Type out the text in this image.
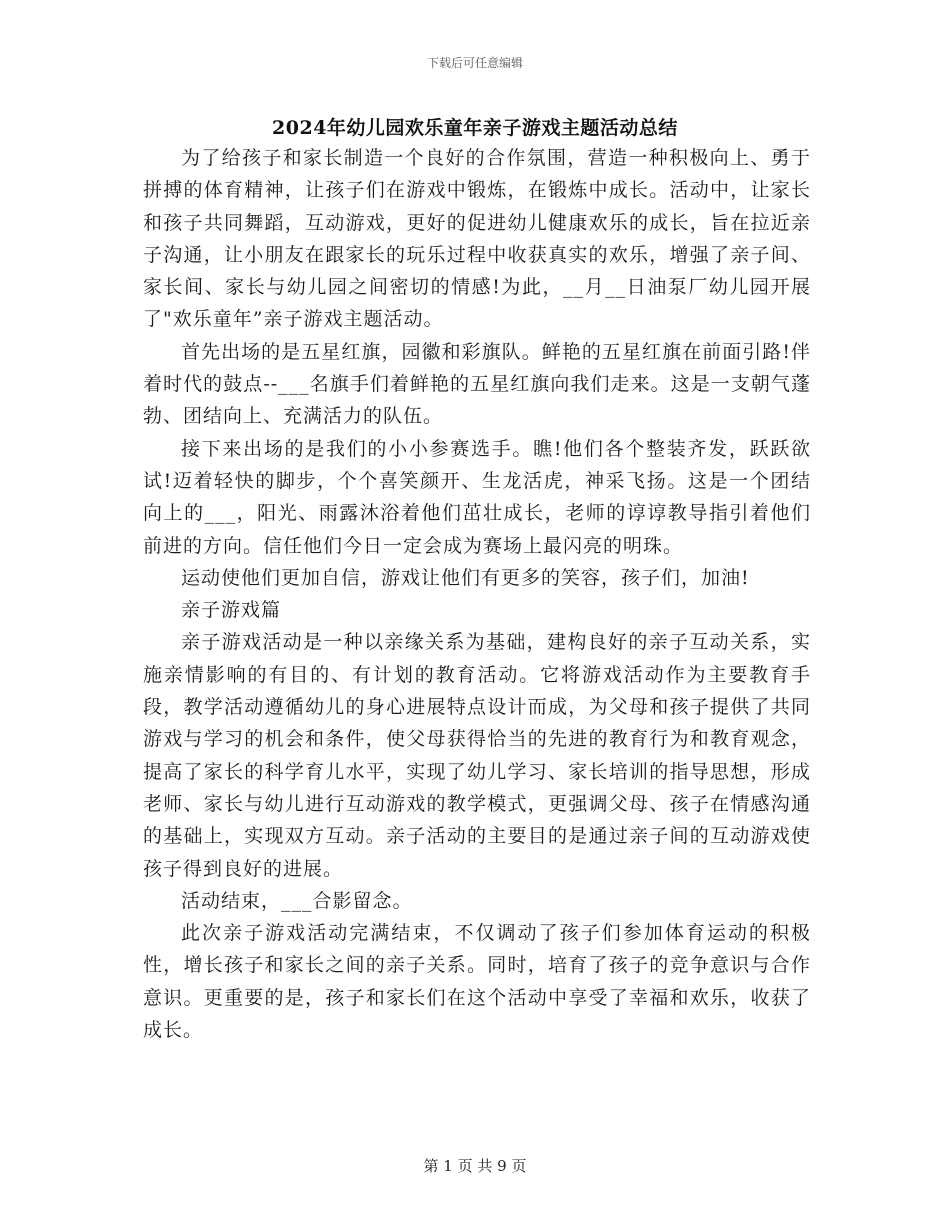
下载后可任意编辑
2024年幼儿园欢乐童年亲子游戏主题活动总结

为了给孩子和家长制造一个良好的合作氛围，营造一种积极向上、勇于拼搏的体育精神，让孩子们在游戏中锻炼，在锻炼中成长。活动中，让家长和孩子共同舞蹈，互动游戏，更好的促进幼儿健康欢乐的成长，旨在拉近亲子沟通，让小朋友在跟家长的玩乐过程中收获真实的欢乐，增强了亲子间、家长间、家长与幼儿园之间密切的情感!为此，__月__日油泵厂幼儿园开展了"欢乐童年”亲子游戏主题活动。

首先出场的是五星红旗，园徽和彩旗队。鲜艳的五星红旗在前面引路!伴着时代的鼓点--___名旗手们着鲜艳的五星红旗向我们走来。这是一支朝气蓬勃、团结向上、充满活力的队伍。

接下来出场的是我们的小小参赛选手。瞧!他们各个整装齐发，跃跃欲试!迈着轻快的脚步，个个喜笑颜开、生龙活虎，神采飞扬。这是一个团结向上的___，阳光、雨露沐浴着他们茁壮成长，老师的谆谆教导指引着他们前进的方向。信任他们今日一定会成为赛场上最闪亮的明珠。

运动使他们更加自信，游戏让他们有更多的笑容，孩子们，加油!

亲子游戏篇

亲子游戏活动是一种以亲缘关系为基础，建构良好的亲子互动关系，实施亲情影响的有目的、有计划的教育活动。它将游戏活动作为主要教育手段，教学活动遵循幼儿的身心进展特点设计而成，为父母和孩子提供了共同游戏与学习的机会和条件，使父母获得恰当的先进的教育行为和教育观念，提高了家长的科学育儿水平，实现了幼儿学习、家长培训的指导思想，形成老师、家长与幼儿进行互动游戏的教学模式，更强调父母、孩子在情感沟通的基础上，实现双方互动。亲子活动的主要目的是通过亲子间的互动游戏使孩子得到良好的进展。

活动结束，___合影留念。

此次亲子游戏活动完满结束，不仅调动了孩子们参加体育运动的积极性，增长孩子和家长之间的亲子关系。同时，培育了孩子的竞争意识与合作意识。更重要的是，孩子和家长们在这个活动中享受了幸福和欢乐，收获了成长。

第 1 页 共 9 页
